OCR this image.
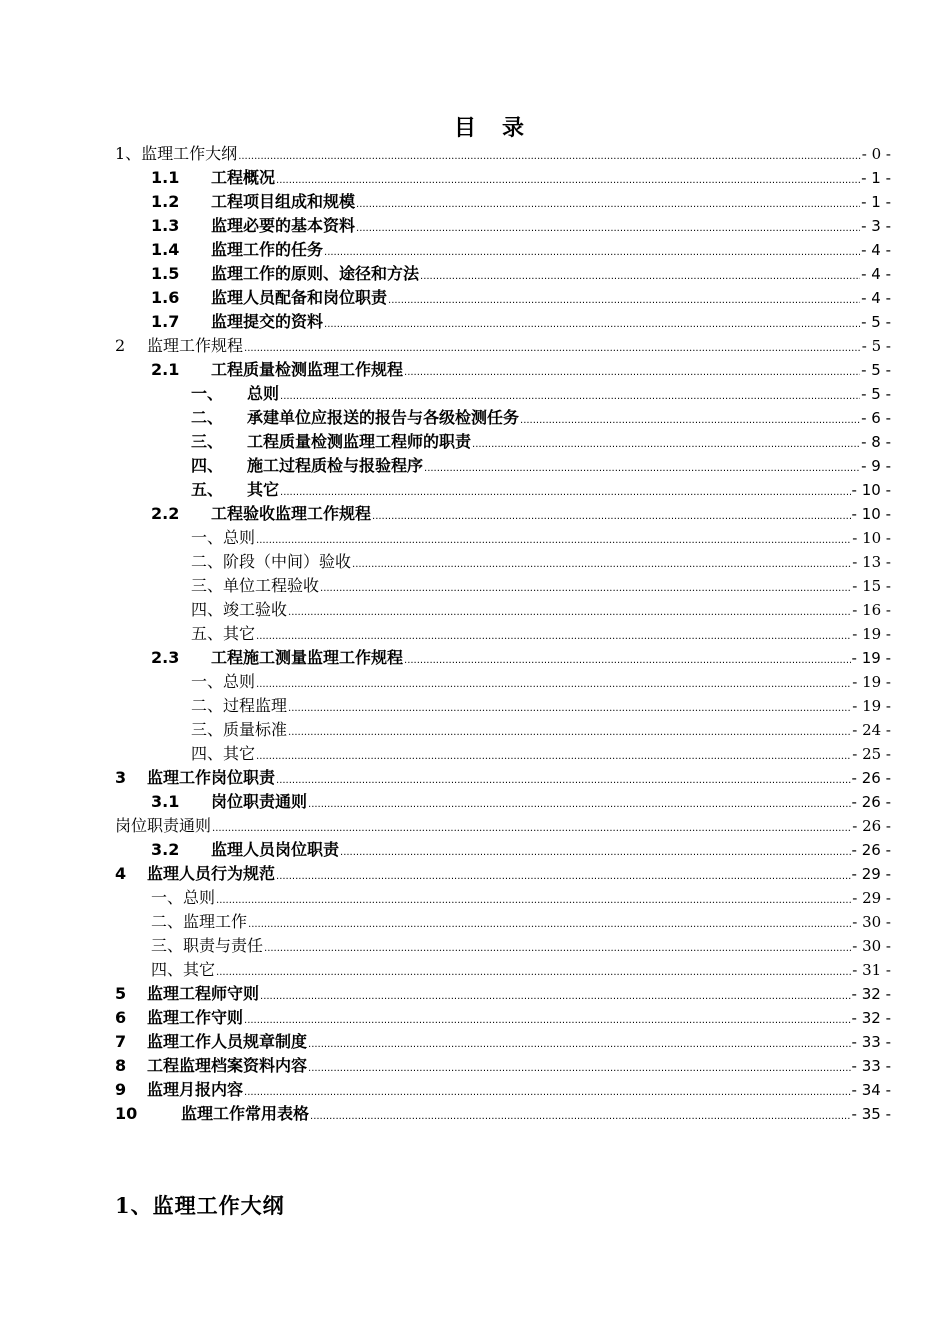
目　录
1、监理工作大纲 .....	- 0 -
1.1	工程概况 .....	- 1 -
1.2	工程项目组成和规模 .....	- 1 -
1.3	监理必要的基本资料 .....	- 3 -
1.4	监理工作的任务 .....	- 4 -
1.5	监理工作的原则、途径和方法 .....	- 4 -
1.6	监理人员配备和岗位职责 .....	- 4 -
1.7	监理提交的资料 .....	- 5 -
2	监理工作规程 .....	- 5 -
2.1	工程质量检测监理工作规程 .....	- 5 -
一、	总则 .....	- 5 -
二、	承建单位应报送的报告与各级检测任务 .....	- 6 -
三、	工程质量检测监理工程师的职责 .....	- 8 -
四、	施工过程质检与报验程序 .....	- 9 -
五、	其它 .....	- 10 -
2.2	工程验收监理工作规程 .....	- 10 -
一、总则 .....	- 10 -
二、阶段（中间）验收 .....	- 13 -
三、单位工程验收 .....	- 15 -
四、竣工验收 .....	- 16 -
五、其它 .....	- 19 -
2.3	工程施工测量监理工作规程 .....	- 19 -
一、总则 .....	- 19 -
二、过程监理 .....	- 19 -
三、质量标准 .....	- 24 -
四、其它 .....	- 25 -
3	监理工作岗位职责 .....	- 26 -
3.1	岗位职责通则 .....	- 26 -
岗位职责通则 .....	- 26 -
3.2	监理人员岗位职责 .....	- 26 -
4	监理人员行为规范 .....	- 29 -
一、总则 .....	- 29 -
二、监理工作 .....	- 30 -
三、职责与责任 .....	- 30 -
四、其它 .....	- 31 -
5	监理工程师守则 .....	- 32 -
6	监理工作守则 .....	- 32 -
7	监理工作人员规章制度 .....	- 33 -
8	工程监理档案资料内容 .....	- 33 -
9	监理月报内容 .....	- 34 -
10	监理工作常用表格 .....	- 35 -
1、监理工作大纲
